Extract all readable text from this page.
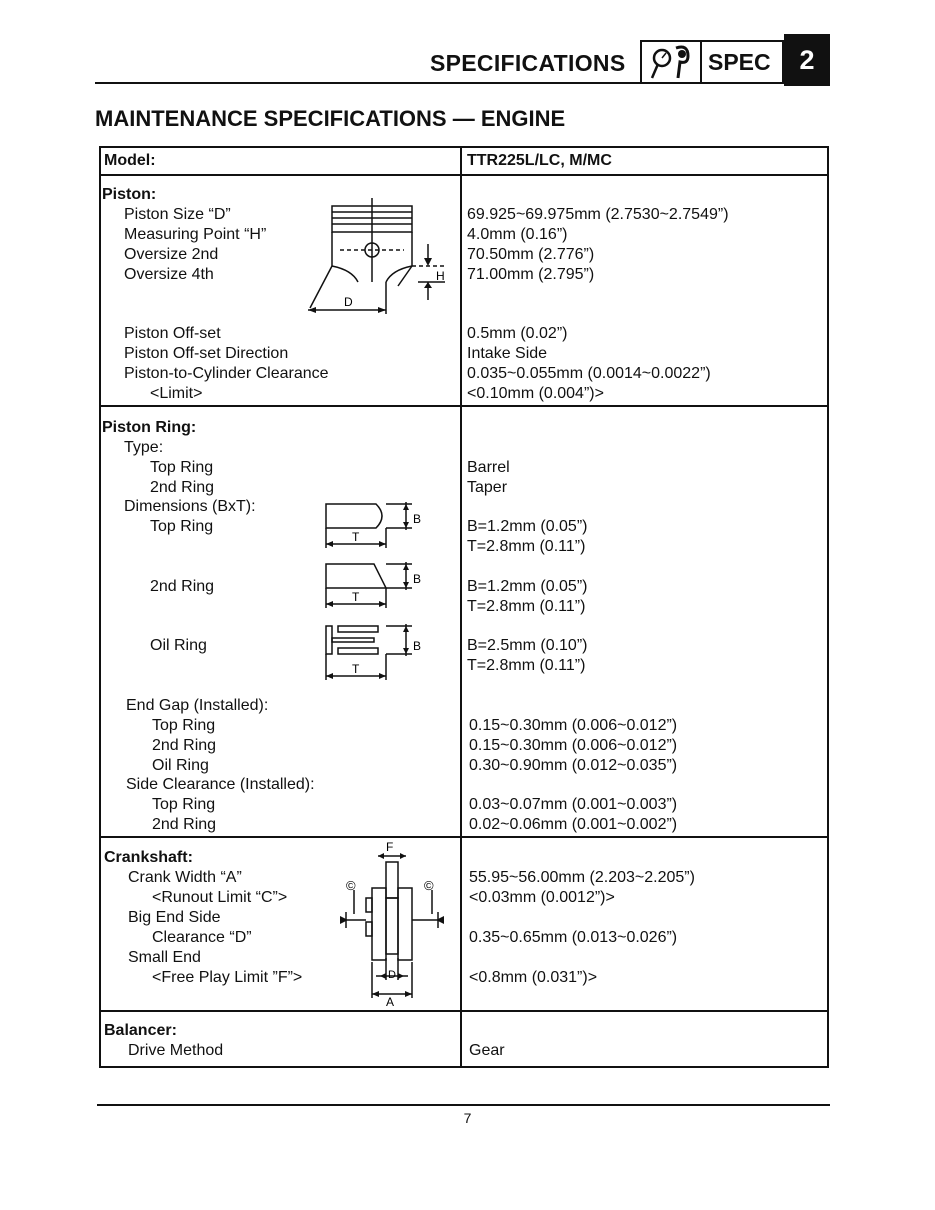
SPECIFICATIONS	SPEC	2
MAINTENANCE SPECIFICATIONS — ENGINE
Model:	TTR225L/LC, M/MC
Piston:
Piston Size “D”	69.925~69.975mm (2.7530~2.7549”)
Measuring Point “H”	4.0mm (0.16”)
Oversize 2nd	70.50mm (2.776”)
Oversize 4th	71.00mm (2.795”)
Piston Off-set	0.5mm (0.02”)
Piston Off-set Direction	Intake Side
Piston-to-Cylinder Clearance	0.035~0.055mm (0.0014~0.0022”)
<Limit>	<0.10mm (0.004”)>
H
D
Piston Ring:
Type:
Top Ring	Barrel
2nd Ring	Taper
Dimensions (BxT):
Top Ring	B=1.2mm (0.05”)
T=2.8mm (0.11”)
2nd Ring	B=1.2mm (0.05”)
T=2.8mm (0.11”)
Oil Ring	B=2.5mm (0.10”)
T=2.8mm (0.11”)
B
T
B
T
B
T
End Gap (Installed):
Top Ring	0.15~0.30mm (0.006~0.012”)
2nd Ring	0.15~0.30mm (0.006~0.012”)
Oil Ring	0.30~0.90mm (0.012~0.035”)
Side Clearance (Installed):
Top Ring	0.03~0.07mm (0.001~0.003”)
2nd Ring	0.02~0.06mm (0.001~0.002”)
Crankshaft:
Crank Width “A”	55.95~56.00mm (2.203~2.205”)
<Runout Limit “C”>	<0.03mm (0.0012”)>
Big End Side
Clearance “D”	0.35~0.65mm (0.013~0.026”)
Small End
<Free Play Limit ”F”>	<0.8mm (0.031”)>
F
©	©
D
A
Balancer:
Drive Method	Gear
7
